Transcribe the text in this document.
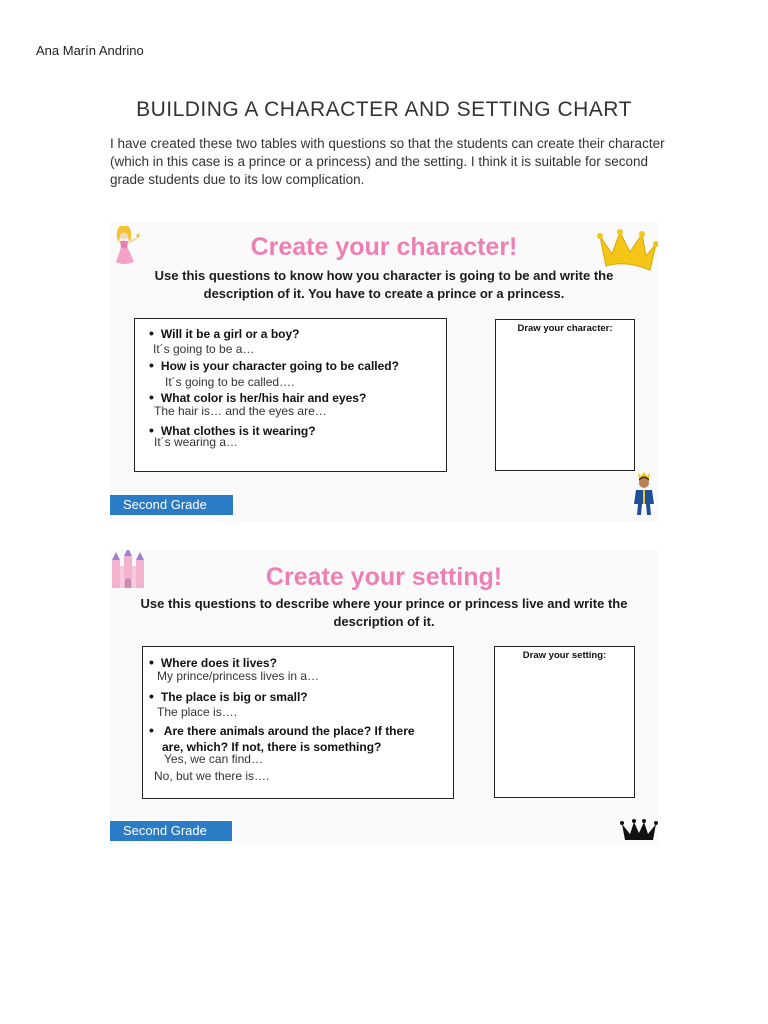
Ana Marín Andrino
BUILDING A CHARACTER AND SETTING CHART

I have created these two tables with questions so that the students can create their character (which in this case is a prince or a princess) and the setting. I think it is suitable for second grade students due to its low complication.

Create your character!
Use this questions to know how you character is going to be and write the description of it. You have to create a prince or a princess.
• Will it be a girl or a boy?
It´s going to be a…
• How is your character going to be called?
It´s going to be called….
• What color is her/his hair and eyes?
The hair is… and the eyes are…
• What clothes is it wearing?
It´s wearing a…
Draw your character:
Second Grade
Create your setting!
Use this questions to describe where your prince or princess live and write the description of it.
• Where does it lives?
My prince/princess lives in a…
• The place is big or small?
The place is….
• Are there animals around the place? If there
are, which? If not, there is something?
Yes, we can find…
No, but we there is….
Draw your setting:
Second Grade
